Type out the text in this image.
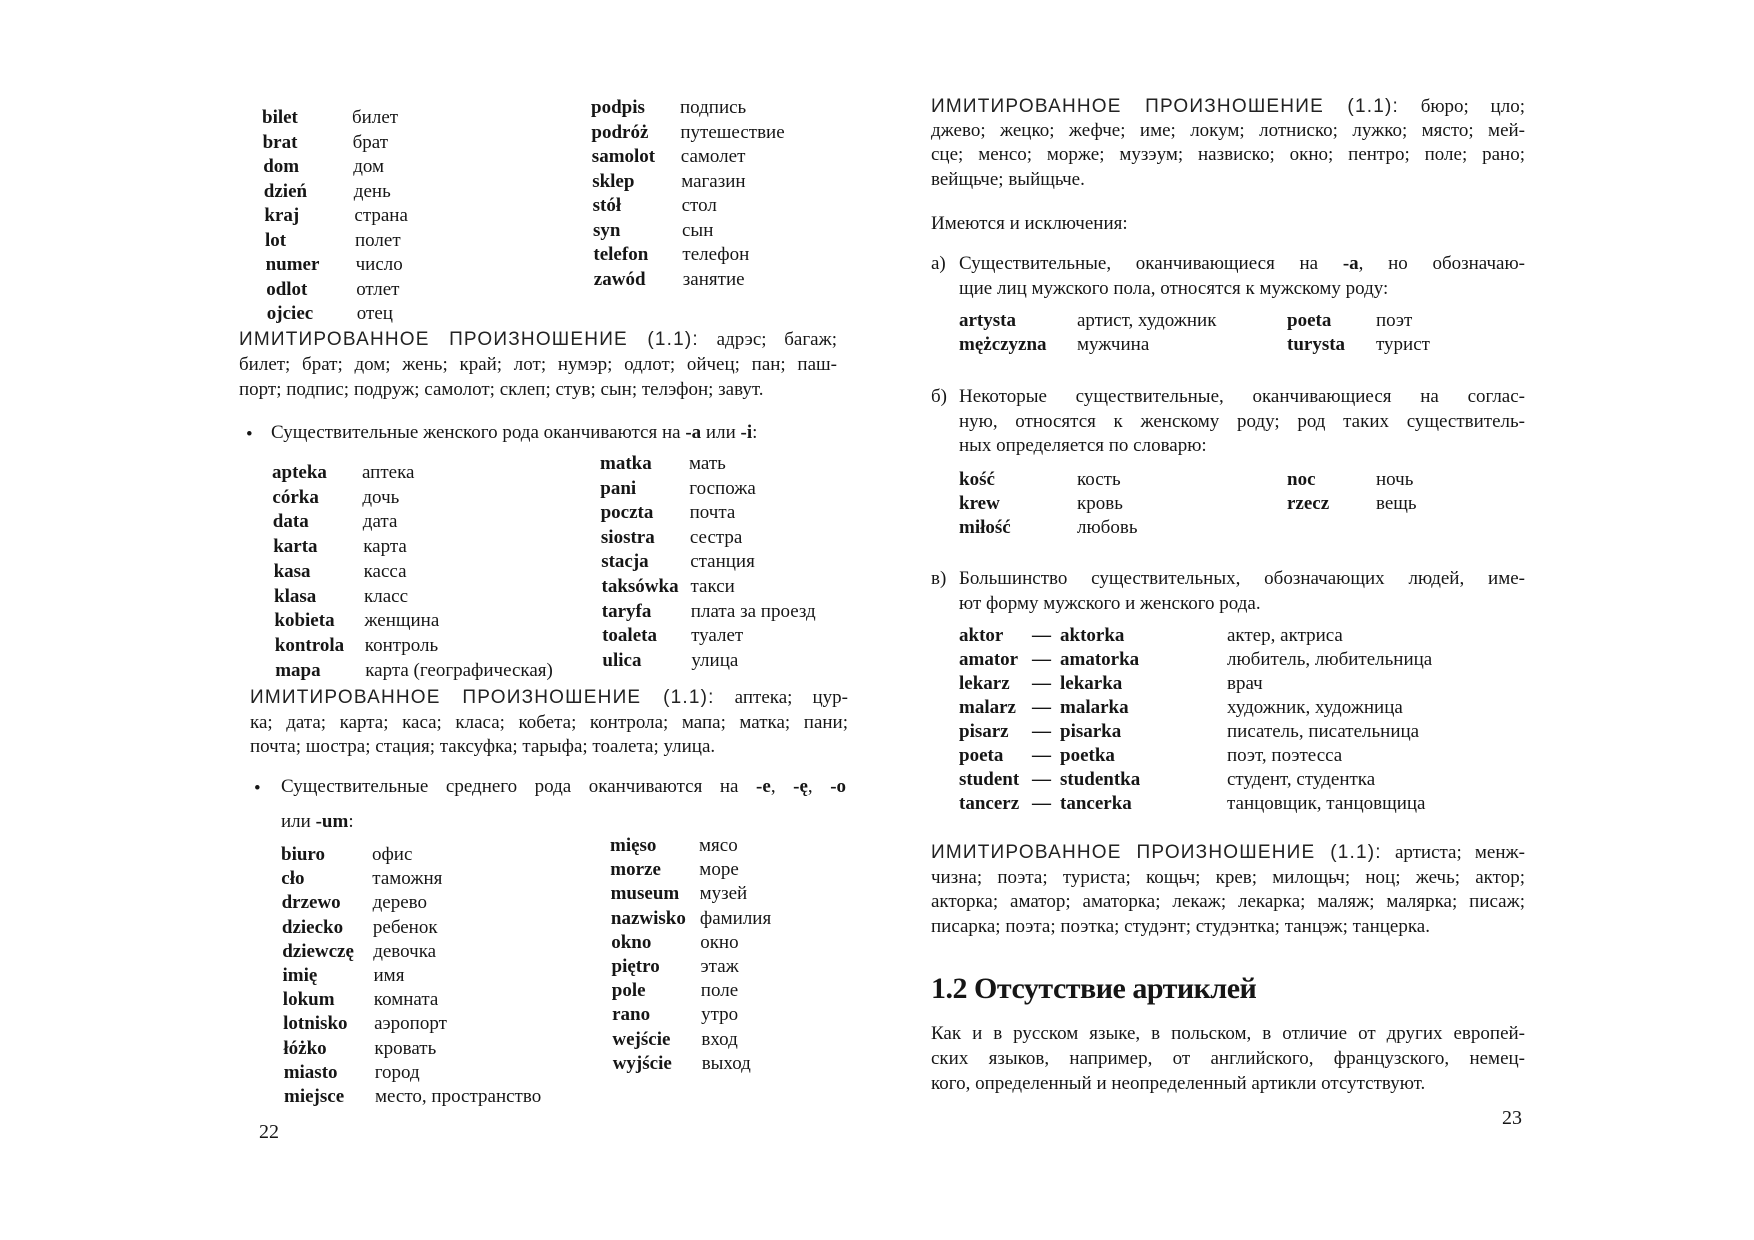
bilet	билет
brat	брат
dom	дом
dzień день
kraj	страна
lot	полет
numer число
odlot	отлет
ojciec отец
podpis подпись
podróż путешествие
samolot самолет
sklep магазин
stół	стол
syn	сын
telefon телефон
zawód занятие
ИМИТИРОВАННОЕ ПРОИЗНОШЕНИЕ (1.1): адрэс; багаж;
билет; брат; дом; жень; край; лот; нумэр; одлот; ойчец; пан; паш-
порт; подпис; подруж; самолот; склеп; стув; сын; телэфон; завут.
• Существительные женского рода оканчиваются на -a или -i:
apteka аптека
córka дочь
data	дата
karta карта
kasa	касса
klasa	класс
kobieta женщина
kontrola контроль
mapa карта (географическая)
matka мать
pani	госпожа
poczta почта
siostra сестра
stacja станция
taksówka такси
taryfa плата за проезд
toaleta туалет
ulica	улица
ИМИТИРОВАННОЕ ПРОИЗНОШЕНИЕ (1.1): аптека; цур-
ка; дата; карта; каса; класа; кобета; контрола; мапа; матка; пани;
почта; шостра; стация; таксуфка; тарыфа; тоалета; улица.
• Существительные среднего рода оканчиваются на -e, -ę, -o
или -um:
biuro офис
cło	таможня
drzewo дерево
dziecko ребенок
dziewczę девочка
imię	имя
lokum комната
lotnisko аэропорт
łóżko	кровать
miasto город
miejsce место, пространство
mięso мясо
morze море
museum музей
nazwisko фамилия
okno	окно
piętro этаж
pole	поле
rano	утро
wejście вход
wyjście выход
22
ИМИТИРОВАННОЕ ПРОИЗНОШЕНИЕ (1.1): бюро; цло;
джево; жецко; жефче; име; локум; лотниско; лужко; място; мей-
сце; менсо; морже; музэум; назвиско; окно; пентро; поле; рано;
вейщьче; выйщьче.
Имеются и исключения:
а) Существительные, оканчивающиеся на -a, но обозначаю-
щие лиц мужского пола, относятся к мужскому роду:
artysta	артист, художник	poeta поэт
mężczyzna мужчина	turysta турист
б) Некоторые существительные, оканчивающиеся на соглас-
ную, относятся к женскому роду; род таких существитель-
ных определяется по словарю:
kość	кость	noc	ночь
krew	кровь	rzecz вещь
miłość	любовь
в) Большинство существительных, обозначающих людей, име-
ют форму мужского и женского рода.
aktor — aktorka	актер, актриса
amator — amatorka	любитель, любительница
lekarz — lekarka	врач
malarz — malarka	художник, художница
pisarz — pisarka	писатель, писательница
poeta — poetka	поэт, поэтесса
student — studentka	студент, студентка
tancerz — tancerka	танцовщик, танцовщица
ИМИТИРОВАННОЕ ПРОИЗНОШЕНИЕ (1.1): артиста; менж-
чизна; поэта; туриста; кощьч; крев; милощьч; ноц; жечь; актор;
акторка; аматор; аматорка; лекаж; лекарка; маляж; малярка; писаж;
писарка; поэта; поэтка; студэнт; студэнтка; танцэж; танцерка.
1.2 Отсутствие артиклей
Как и в русском языке, в польском, в отличие от других европей-
ских языков, например, от английского, французского, немец-
кого, определенный и неопределенный артикли отсутствуют.
23
